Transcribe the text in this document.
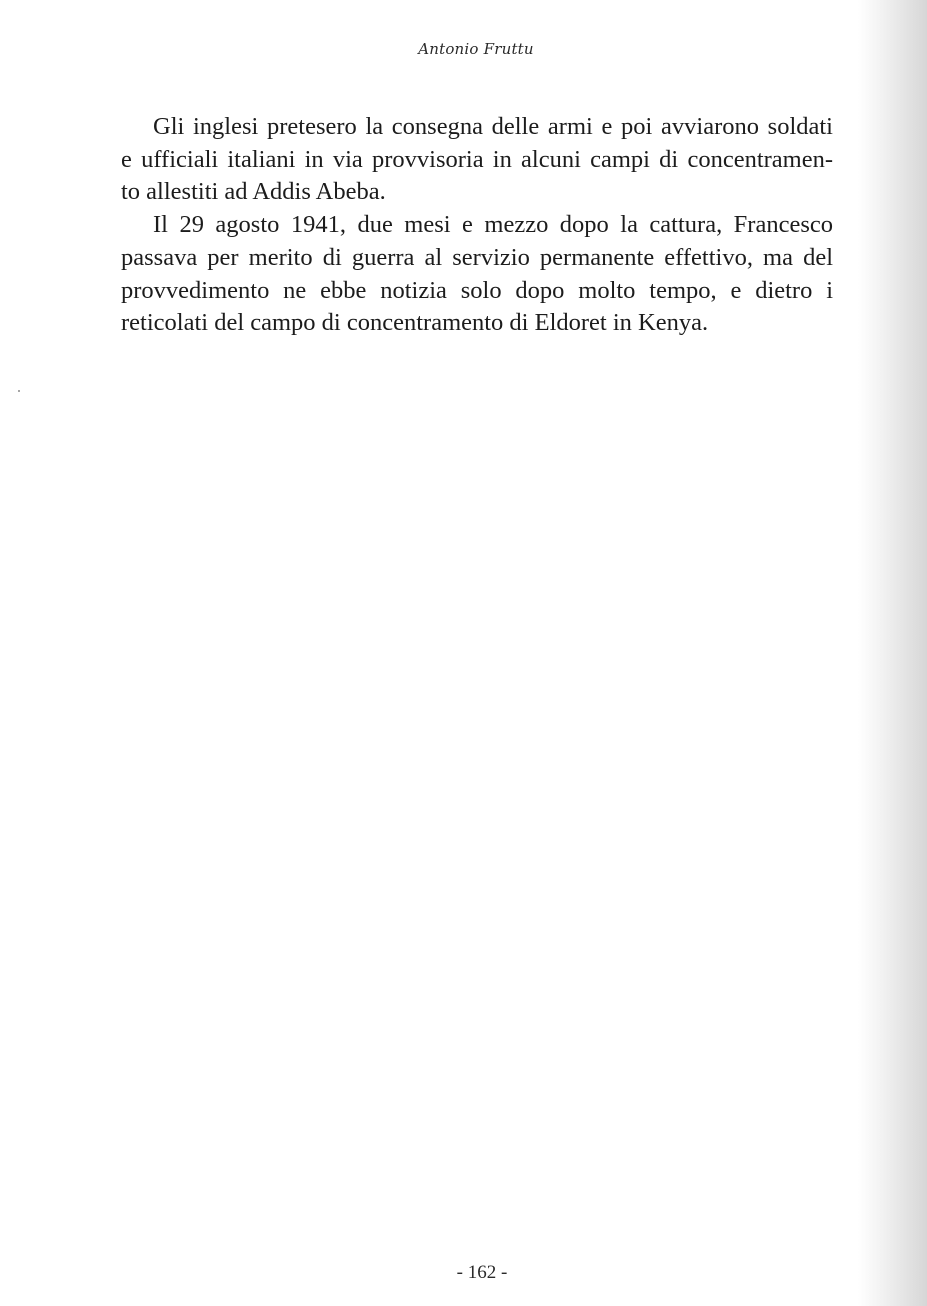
Antonio Fruttu

Gli inglesi pretesero la consegna delle armi e poi avviarono soldati
e ufficiali italiani in via provvisoria in alcuni campi di concentramen-
to allestiti ad Addis Abeba.

Il 29 agosto 1941, due mesi e mezzo dopo la cattura, Francesco
passava per merito di guerra al servizio permanente effettivo, ma del
provvedimento ne ebbe notizia solo dopo molto tempo, e dietro i
reticolati del campo di concentramento di Eldoret in Kenya.

- 162 -
